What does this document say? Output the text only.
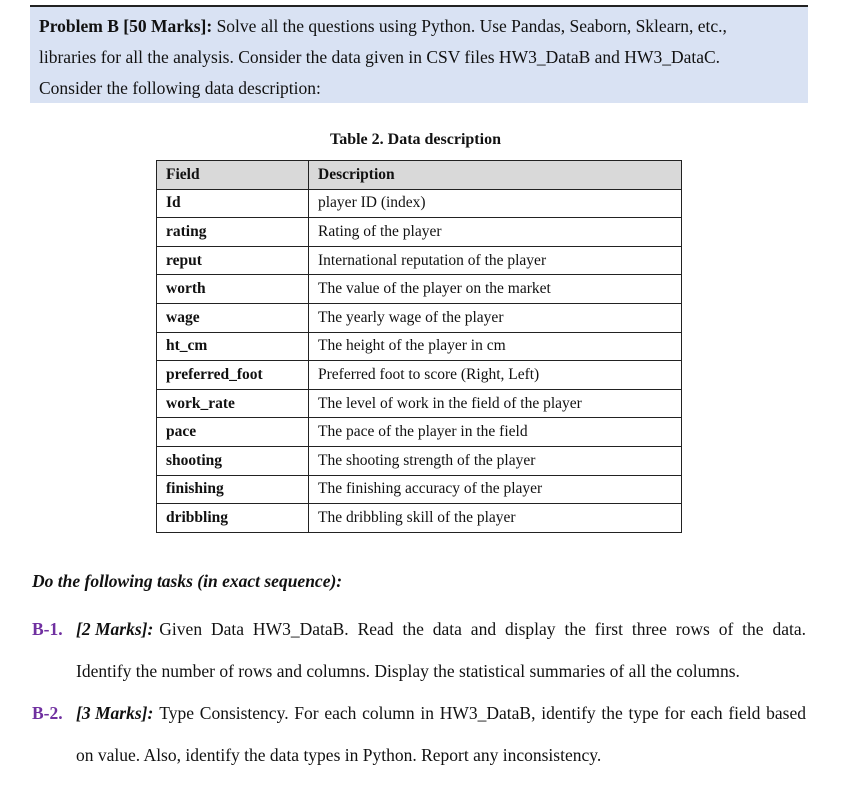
Problem B [50 Marks]: Solve all the questions using Python. Use Pandas, Seaborn, Sklearn, etc.,
libraries for all the analysis. Consider the data given in CSV files HW3_DataB and HW3_DataC.
Consider the following data description:
Table 2. Data description
Field	Description
Id	player ID (index)
rating	Rating of the player
reput	International reputation of the player
worth	The value of the player on the market
wage	The yearly wage of the player
ht_cm	The height of the player in cm
preferred_foot	Preferred foot to score (Right, Left)
work_rate	The level of work in the field of the player
pace	The pace of the player in the field
shooting	The shooting strength of the player
finishing	The finishing accuracy of the player
dribbling	The dribbling skill of the player
Do the following tasks (in exact sequence):
B-1. [2 Marks]: Given Data HW3_DataB. Read the data and display the first three rows of the data.
Identify the number of rows and columns. Display the statistical summaries of all the columns.
B-2. [3 Marks]: Type Consistency. For each column in HW3_DataB, identify the type for each field based
on value. Also, identify the data types in Python. Report any inconsistency.
